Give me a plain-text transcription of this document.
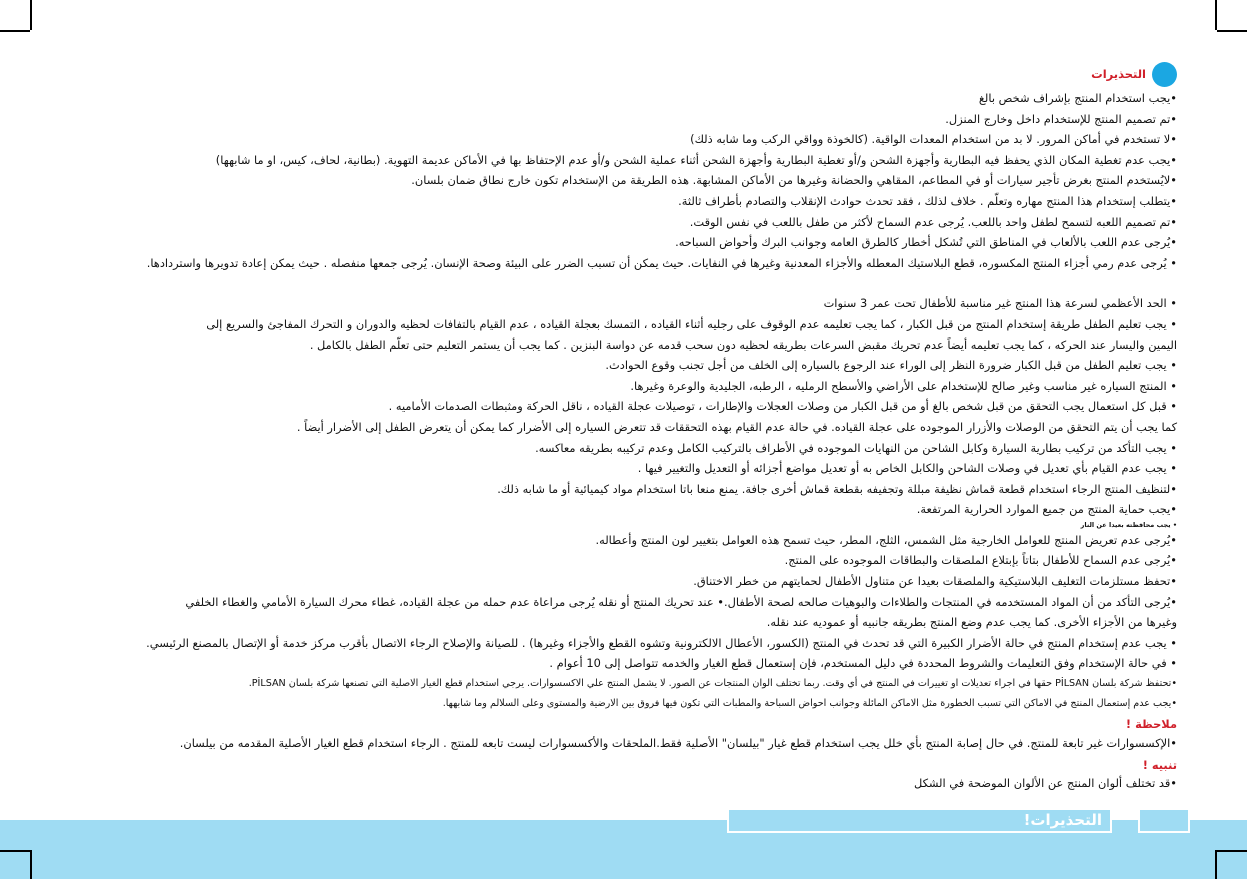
التحذيرات
•يجب استخدام المنتج بإشراف شخص بالغ
•تم تصميم المنتج للإستخدام داخل وخارج المنزل.
•لا تستخدم في أماكن المرور. لا بد من استخدام المعدات الواقية. (كالخوذة وواقي الركب وما شابه ذلك)
•يجب عدم تغطية المكان الذي يحفظ فيه البطارية وأجهزة الشحن و/أو تغطية البطارية وأجهزة الشحن أثناء عملية الشحن و/أو عدم الإحتفاظ بها في الأماكن عديمة التهوية. (بطانية، لحاف، كيس، او ما شابهها)
•لايُستخدم المنتج بغرض تأجير سيارات أو في المطاعم، المقاهي والحضانة وغيرها من الأماكن المشابهة. هذه الطريقة من الإستخدام تكون خارج نطاق ضمان بلسان.
•يتطلب إستخدام هذا المنتج مهاره وتعلّم . خلاف لذلك ، فقد تحدث حوادث الإنقلاب والتصادم بأطراف ثالثة.
•تم تصميم اللعبه لتسمح لطفل واحد باللعب. يُرجى عدم السماح لأكثر من طفل باللعب في نفس الوقت.
•يُرجى عدم اللعب بالألعاب في المناطق التي تُشكل أخطار كالطرق العامه وجوانب البرك وأحواض السباحه.
• يُرجى عدم رمي أجزاء المنتج المكسوره، قطع البلاستيك المعطله والأجزاء المعدنية وغيرها في النفايات. حيث يمكن أن تسبب الضرر على البيئة وصحة الإنسان. يُرجى جمعها منفصله . حيث يمكن إعادة تدويرها واستردادها.
• الحد الأعظمي لسرعة هذا المنتج غير مناسبة للأطفال تحت عمر 3 سنوات
• يجب تعليم الطفل طريقة إستخدام المنتج من قبل الكبار ، كما يجب تعليمه عدم الوقوف على رجليه أثناء القياده ، التمسك بعجلة القياده ، عدم القيام بالتفافات لحظيه والدوران و التحرك المفاجئ والسريع إلى
اليمين واليسار عند الحركه ، كما يجب تعليمه أيضاً عدم تحريك مقبض السرعات بطريقه لحظيه دون سحب قدمه عن دواسة البنزين . كما يجب أن يستمر التعليم حتى تعلّم الطفل بالكامل .
• يجب تعليم الطفل من قبل الكبار ضرورة النظر إلى الوراء عند الرجوع بالسياره إلى الخلف من أجل تجنب وقوع الحوادث.
• المنتج السياره غير مناسب وغير صالح للإستخدام على الأراضي والأسطح الرمليه ، الرطبه، الجليدية والوعرة وغيرها.
• قبل كل استعمال يجب التحقق من قبل شخص بالغ أو من قبل الكبار من وصلات العجلات والإطارات ، توصيلات عجلة القياده ، ناقل الحركة ومثبطات الصدمات الأماميه .
كما يجب أن يتم التحقق من الوصلات والأزرار الموجوده على عجلة القياده. في حالة عدم القيام بهذه التحققات قد تتعرض السياره إلى الأضرار كما يمكن أن يتعرض الطفل إلى الأضرار أيضاً .
• يجب التأكد من تركيب بطارية السيارة وكابل الشاحن من النهايات الموجوده في الأطراف بالتركيب الكامل وعدم تركيبه بطريقه معاكسه.
• يجب عدم القيام بأي تعديل في وصلات الشاحن والكابل الخاص به أو تعديل مواضع أجزائه أو التعديل والتغيير فيها .
•لتنظيف المنتج الرجاء استخدام قطعة قماش نظيفة مبللة وتجفيفه بقطعة قماش أخرى جافة. يمنع منعا باتا استخدام مواد كيميائية أو ما شابه ذلك.
•يجب حماية المنتج من جميع الموارد الحرارية المرتفعة.
• يجب محافظته بعيدا عن النار
•يُرجى عدم تعريض المنتج للعوامل الخارجية مثل الشمس، الثلج، المطر، حيث تسمح هذه العوامل بتغيير لون المنتج وأعطاله.
•يُرجى عدم السماح للأطفال بتاتاً بإبتلاع الملصقات والبطاقات الموجوده على المنتج.
•تحفظ مستلزمات التغليف البلاستيكية والملصقات بعيدا عن متناول الأطفال لحمايتهم من خطر الاختناق.
•يُرجى التأكد من أن المواد المستخدمه في المنتجات والطلاءات والبوهيات صالحه لصحة الأطفال.• عند تحريك المنتج أو نقله يُرجى مراعاة عدم حمله من عجلة القياده، غطاء محرك السيارة الأمامي والغطاء الخلفي
وغيرها من الأجزاء الأخرى. كما يجب عدم وضع المنتج بطريقه جانبيه أو عموديه عند نقله.
• يجب عدم إستخدام المنتج في حالة الأضرار الكبيرة التي قد تحدث في المنتج (الكسور، الأعطال الالكترونية وتشوه القطع والأجزاء وغيرها) . للصيانة والإصلاح الرجاء الاتصال بأقرب مركز خدمة أو الإتصال بالمصنع الرئيسي.
• في حالة الإستخدام وفق التعليمات والشروط المحددة في دليل المستخدم، فإن إستعمال قطع الغيار والخدمه تتواصل إلى 10 أعوام .
•تحتفظ شركة بلسان PİLSAN حقها في اجراء تعديلات او تغييرات في المنتج في أي وقت. ربما تختلف الوان المنتجات عن الصور. لا يشمل المنتج علي الاكسسوارات. يرجي استخدام قطع الغيار الاصلية التي تصنعها شركة بلسان PİLSAN.
•يجب عدم إستعمال المنتج في الاماكن التي تسبب الخطورة مثل الاماكن المائلة وجوانب احواض السباحة والمطبات التي تكون فيها فروق بين الارضية والمستوى وعلى السلالم وما شابهها.
ملاحظة !
•الإكسسوارات غير تابعة للمنتج. في حال إصابة المنتج بأي خلل يجب استخدام قطع غيار "بيلسان" الأصلية فقط.الملحقات والأكسسوارات ليست تابعه للمنتج . الرجاء استخدام قطع الغيار الأصلية المقدمه من بيلسان.
تنبيه !
•قد تختلف ألوان المنتج عن الألوان الموضحة في الشكل
التحذيرات!
